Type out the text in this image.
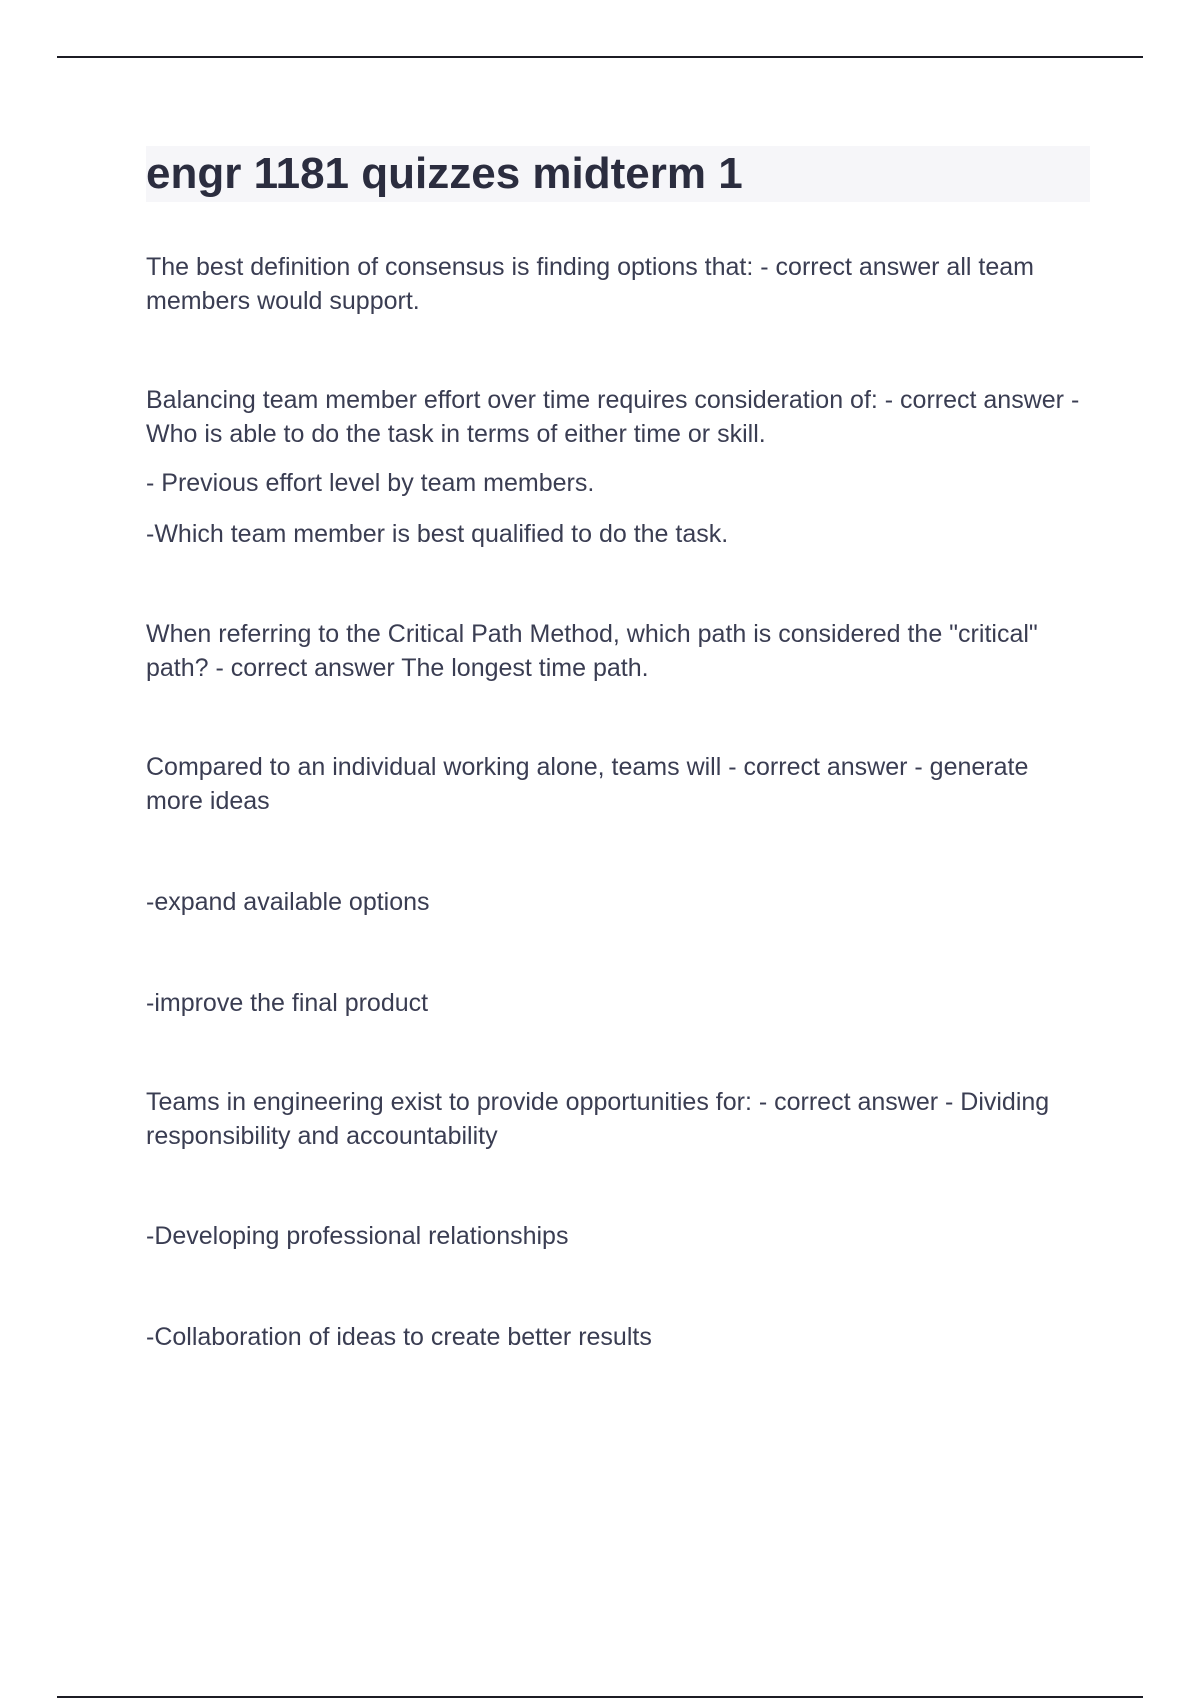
engr 1181 quizzes midterm 1

The best definition of consensus is finding options that: - correct answer all team members would support.

Balancing team member effort over time requires consideration of: - correct answer - Who is able to do the task in terms of either time or skill.

- Previous effort level by team members.

-Which team member is best qualified to do the task.

When referring to the Critical Path Method, which path is considered the "critical" path? - correct answer The longest time path.

Compared to an individual working alone, teams will - correct answer - generate more ideas

-expand available options

-improve the final product

Teams in engineering exist to provide opportunities for: - correct answer - Dividing responsibility and accountability

-Developing professional relationships

-Collaboration of ideas to create better results
